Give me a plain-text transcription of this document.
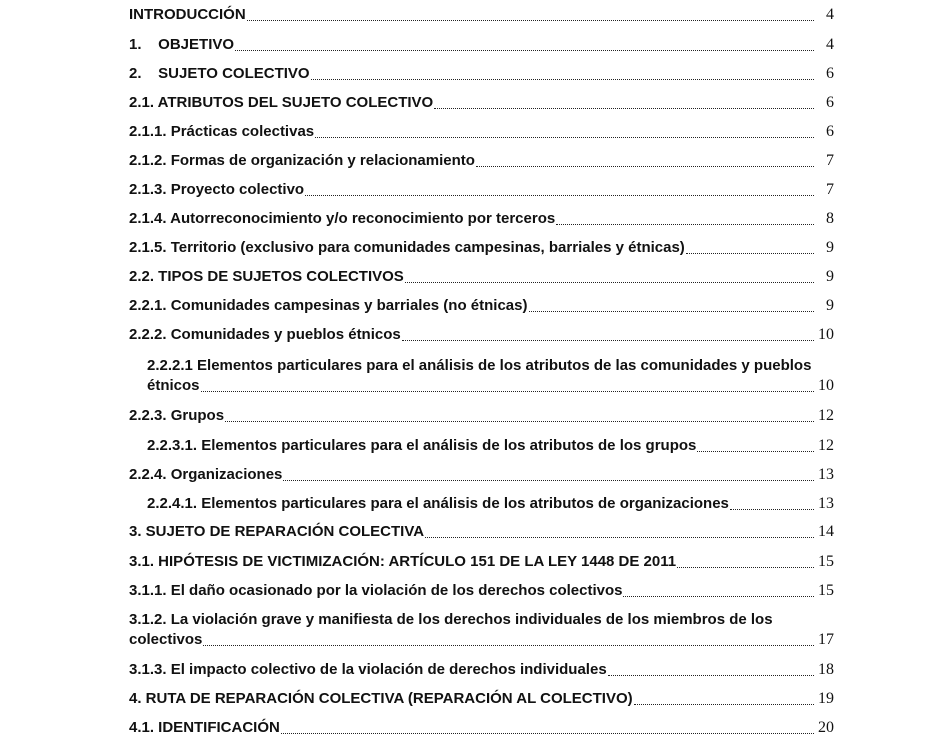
INTRODUCCIÓN	4
1.    OBJETIVO	4
2.    SUJETO COLECTIVO	6
2.1. ATRIBUTOS DEL SUJETO COLECTIVO	6
2.1.1. Prácticas colectivas	6
2.1.2. Formas de organización y relacionamiento	7
2.1.3. Proyecto colectivo	7
2.1.4. Autorreconocimiento y/o reconocimiento por terceros	8
2.1.5. Territorio (exclusivo para comunidades campesinas, barriales y étnicas)	9
2.2. TIPOS DE SUJETOS COLECTIVOS	9
2.2.1. Comunidades campesinas y barriales (no étnicas)	9
2.2.2. Comunidades y pueblos étnicos	10
2.2.2.1 Elementos particulares para el análisis de los atributos de las comunidades y pueblos
étnicos	10
2.2.3. Grupos	12
2.2.3.1. Elementos particulares para el análisis de los atributos de los grupos	12
2.2.4. Organizaciones	13
2.2.4.1. Elementos particulares para el análisis de los atributos de organizaciones	13
3. SUJETO DE REPARACIÓN COLECTIVA	14
3.1. HIPÓTESIS DE VICTIMIZACIÓN: ARTÍCULO 151 DE LA LEY 1448 DE 2011	15
3.1.1. El daño ocasionado por la violación de los derechos colectivos	15
3.1.2. La violación grave y manifiesta de los derechos individuales de los miembros de los
colectivos	17
3.1.3. El impacto colectivo de la violación de derechos individuales	18
4. RUTA DE REPARACIÓN COLECTIVA (REPARACIÓN AL COLECTIVO)	19
4.1. IDENTIFICACIÓN	20
